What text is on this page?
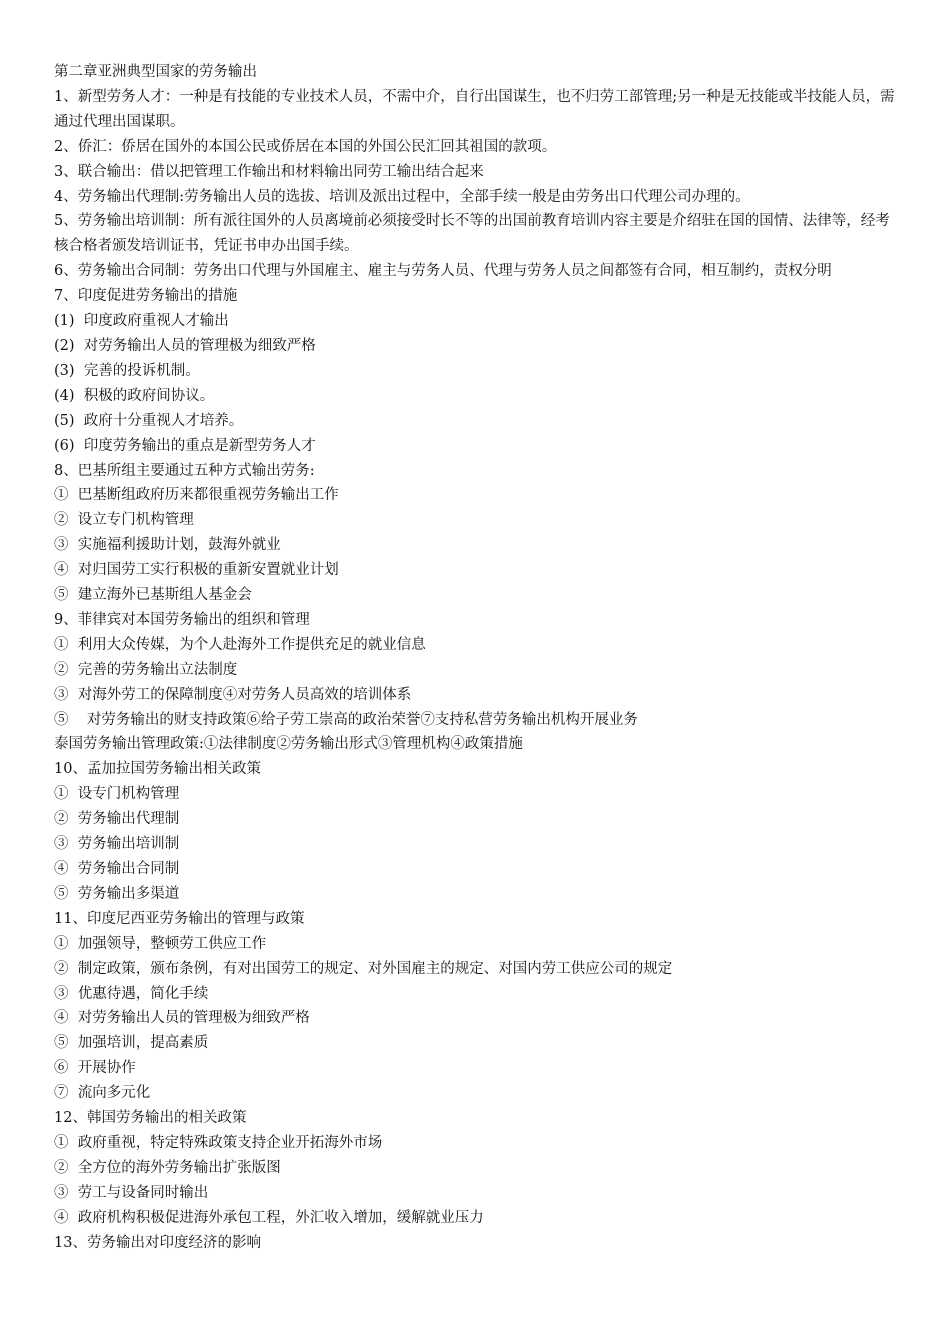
第二章亚洲典型国家的劳务输出

1、新型劳务人才：一种是有技能的专业技术人员，不需中介，自行出国谋生，也不归劳工部管理;另一种是无技能或半技能人员，需通过代理出国谋职。

2、侨汇：侨居在国外的本国公民或侨居在本国的外国公民汇回其祖国的款项。

3、联合输出：借以把管理工作输出和材料输出同劳工输出结合起来

4、劳务输出代理制:劳务输出人员的选拔、培训及派出过程中，全部手续一般是由劳务出口代理公司办理的。

5、劳务输出培训制：所有派往国外的人员离境前必须接受时长不等的出国前教育培训内容主要是介绍驻在国的国情、法律等，经考核合格者颁发培训证书，凭证书申办出国手续。

6、劳务输出合同制：劳务出口代理与外国雇主、雇主与劳务人员、代理与劳务人员之间都签有合同，相互制约，责权分明

7、印度促进劳务输出的措施

(1)  印度政府重视人才输出

(2)  对劳务输出人员的管理极为细致严格

(3)  完善的投诉机制。

(4)  积极的政府间协议。

(5)  政府十分重视人才培养。

(6)  印度劳务输出的重点是新型劳务人才

8、巴基所组主要通过五种方式输出劳务:

①  巴基断组政府历来都很重视劳务输出工作

②  设立专门机构管理

③  实施福利援助计划，鼓海外就业

④  对归国劳工实行积极的重新安置就业计划

⑤  建立海外已基斯组人基金会

9、菲律宾对本国劳务输出的组织和管理

①  利用大众传媒，为个人赴海外工作提供充足的就业信息

②  完善的劳务输出立法制度

③  对海外劳工的保障制度④对劳务人员高效的培训体系

⑤    对劳务输出的财支持政策⑥给子劳工崇高的政治荣誉⑦支持私营劳务输出机构开展业务

泰国劳务输出管理政策:①法律制度②劳务输出形式③管理机构④政策措施

10、孟加拉国劳务输出相关政策

①  设专门机构管理

②  劳务输出代理制

③  劳务输出培训制

④  劳务输出合同制

⑤  劳务输出多渠道

11、印度尼西亚劳务输出的管理与政策

①  加强领导，整顿劳工供应工作

②  制定政策，颁布条例，有对出国劳工的规定、对外国雇主的规定、对国内劳工供应公司的规定

③  优惠待遇，简化手续

④  对劳务输出人员的管理极为细致严格

⑤  加强培训，提高素质

⑥  开展协作

⑦  流向多元化

12、韩国劳务输出的相关政策

①  政府重视，特定特殊政策支持企业开拓海外市场

②  全方位的海外劳务输出扩张版图

③  劳工与设备同时输出

④  政府机构积极促进海外承包工程，外汇收入增加，缓解就业压力

13、劳务输出对印度经济的影响
